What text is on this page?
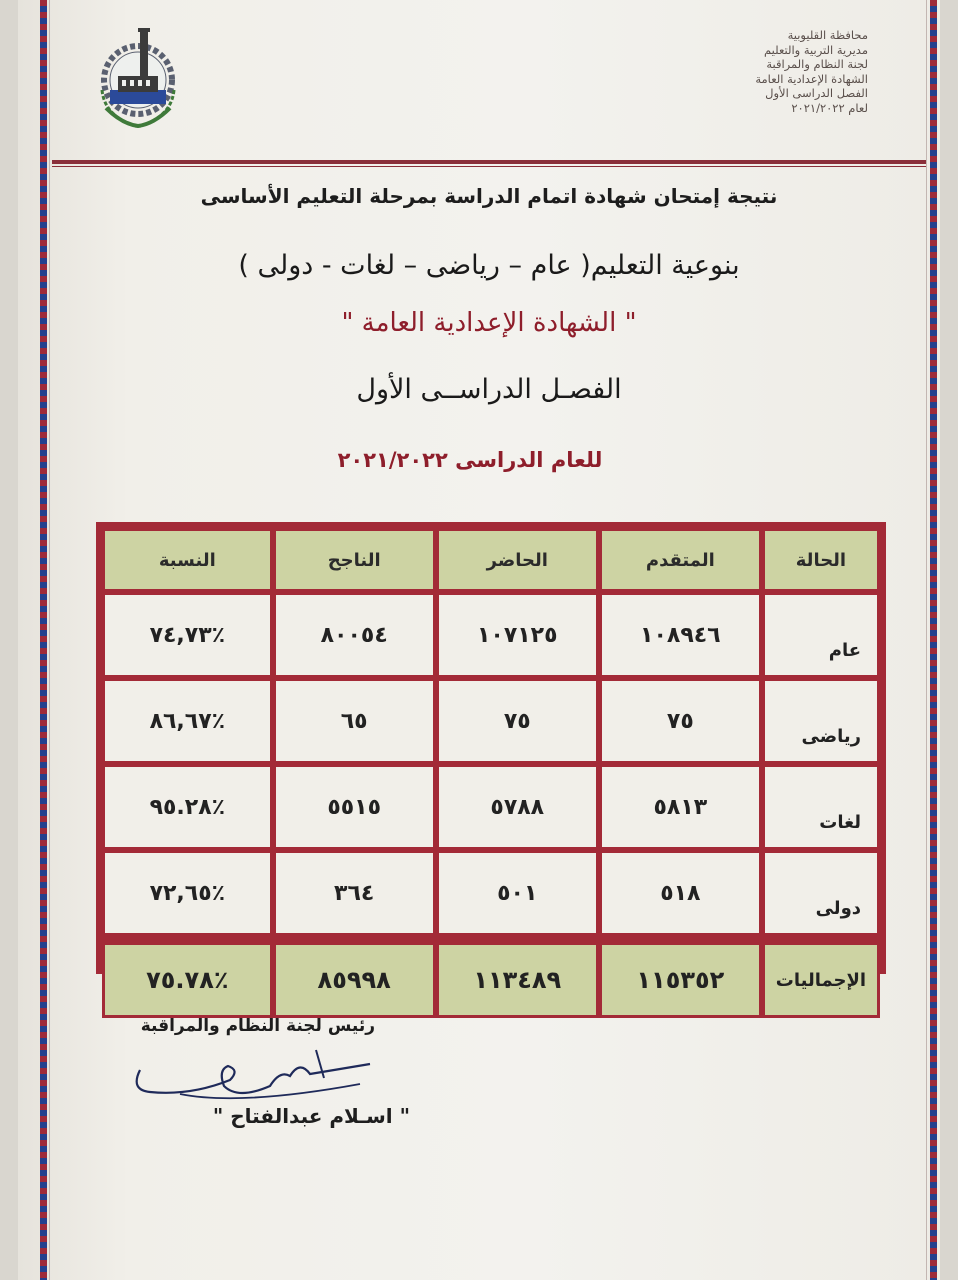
محافظة القليوبية
مديرية التربية والتعليم
لجنة النظام والمراقبة
الشهادة الإعدادية العامة
الفصل الدراسى الأول
لعام ٢٠٢١/٢٠٢٢
نتيجة إمتحان شهادة اتمام الدراسة بمرحلة التعليم الأساسى
بنوعية التعليم( عام – رياضى – لغات - دولى )
" الشهادة الإعدادية العامة "
الفصـل الدراســى الأول
للعام الدراسى ٢٠٢١/٢٠٢٢
الحالة	المتقدم	الحاضر	الناجح	النسبة
عام	١٠٨٩٤٦	١٠٧١٢٥	٨٠٠٥٤	٪٧٤,٧٣
رياضى	٧٥	٧٥	٦٥	٪٨٦,٦٧
لغات	٥٨١٣	٥٧٨٨	٥٥١٥	٪٩٥.٢٨
دولى	٥١٨	٥٠١	٣٦٤	٪٧٢,٦٥

الإجماليات	١١٥٣٥٢	١١٣٤٨٩	٨٥٩٩٨	٪٧٥.٧٨
رئيس لجنة النظام والمراقبة
" اسـلام عبدالفتاح "
